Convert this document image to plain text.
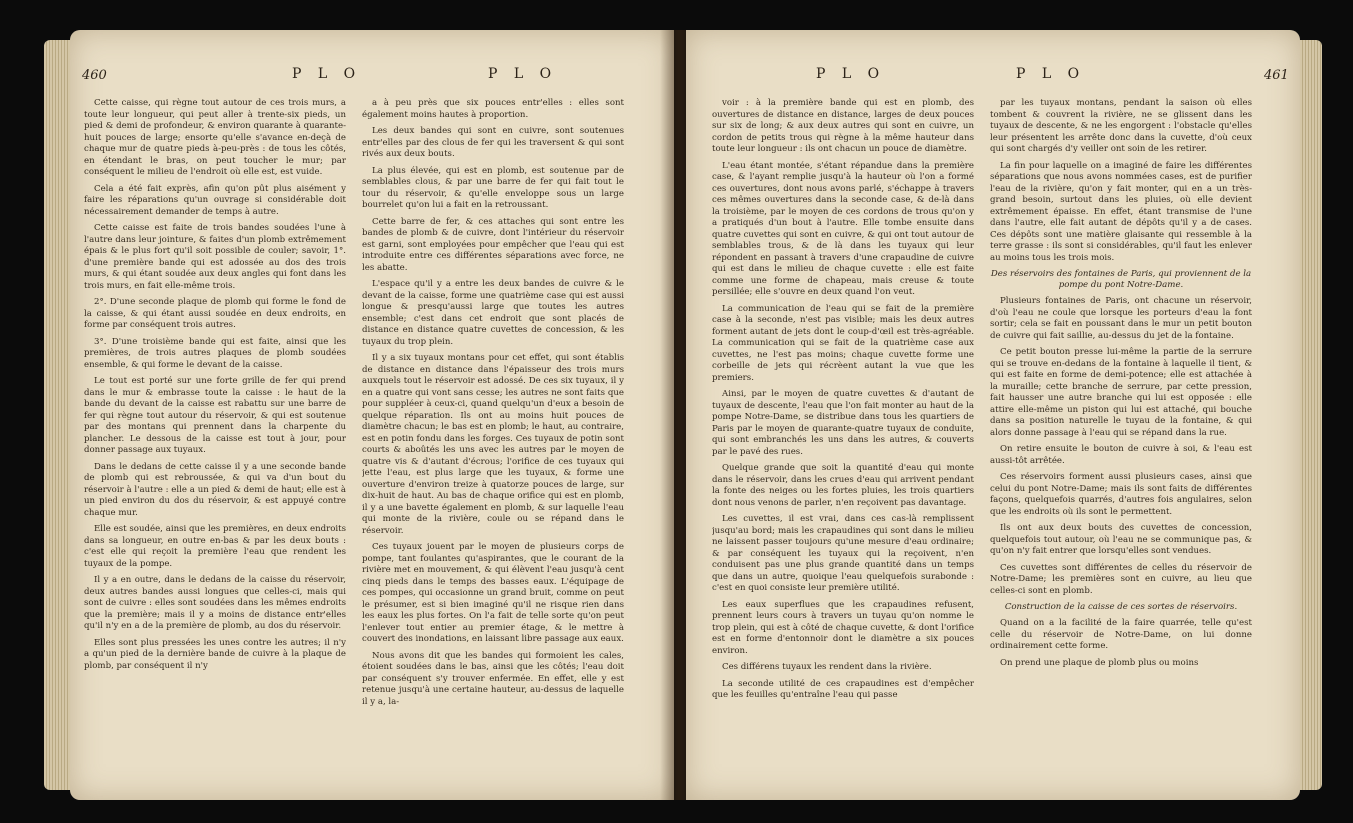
460	P L O	P L O

Cette caisse, qui règne tout autour de ces trois murs, a toute leur longueur, qui peut aller à trente-six pieds, un pied & demi de profondeur, & environ quarante à quarante-huit pouces de large; ensorte qu'elle s'avance en-deçà de chaque mur de quatre pieds à-peu-près : de tous les côtés, en étendant le bras, on peut toucher le mur; par conséquent le milieu de l'endroit où elle est, est vuide.

Cela a été fait exprès, afin qu'on pût plus aisément y faire les réparations qu'un ouvrage si considérable doit nécessairement demander de temps à autre.

Cette caisse est faite de trois bandes soudées l'une à l'autre dans leur jointure, & faites d'un plomb extrêmement épais & le plus fort qu'il soit possible de couler; savoir, 1°. d'une première bande qui est adossée au dos des trois murs, & qui étant soudée aux deux angles qui font dans les trois murs, en fait elle-même trois.

2°. D'une seconde plaque de plomb qui forme le fond de la caisse, & qui étant aussi soudée en deux endroits, en forme par conséquent trois autres.

3°. D'une troisième bande qui est faite, ainsi que les premières, de trois autres plaques de plomb soudées ensemble, & qui forme le devant de la caisse.

Le tout est porté sur une forte grille de fer qui prend dans le mur & embrasse toute la caisse : le haut de la bande du devant de la caisse est rabattu sur une barre de fer qui règne tout autour du réservoir, & qui est soutenue par des montans qui prennent dans la charpente du plancher. Le dessous de la caisse est tout à jour, pour donner passage aux tuyaux.

Dans le dedans de cette caisse il y a une seconde bande de plomb qui est rebroussée, & qui va d'un bout du réservoir à l'autre : elle a un pied & demi de haut; elle est à un pied environ du dos du réservoir, & est appuyé contre chaque mur.

Elle est soudée, ainsi que les premières, en deux endroits dans sa longueur, en outre en-bas & par les deux bouts : c'est elle qui reçoit la première l'eau que rendent les tuyaux de la pompe.

Il y a en outre, dans le dedans de la caisse du réservoir, deux autres bandes aussi longues que celles-ci, mais qui sont de cuivre : elles sont soudées dans les mêmes endroits que la première; mais il y a moins de distance entr'elles qu'il n'y en a de la première de plomb, au dos du réservoir.

Elles sont plus pressées les unes contre les autres; il n'y a qu'un pied de la dernière bande de cuivre à la plaque de plomb, par conséquent il n'y

a à peu près que six pouces entr'elles : elles sont également moins hautes à proportion.

Les deux bandes qui sont en cuivre, sont soutenues entr'elles par des clous de fer qui les traversent & qui sont rivés aux deux bouts.

La plus élevée, qui est en plomb, est soutenue par de semblables clous, & par une barre de fer qui fait tout le tour du réservoir, & qu'elle enveloppe sous un large bourrelet qu'on lui a fait en la retroussant.

Cette barre de fer, & ces attaches qui sont entre les bandes de plomb & de cuivre, dont l'intérieur du réservoir est garni, sont employées pour empêcher que l'eau qui est introduite entre ces différentes séparations avec force, ne les abatte.

L'espace qu'il y a entre les deux bandes de cuivre & le devant de la caisse, forme une quatrième case qui est aussi longue & presqu'aussi large que toutes les autres ensemble; c'est dans cet endroit que sont placés de distance en distance quatre cuvettes de concession, & les tuyaux du trop plein.

Il y a six tuyaux montans pour cet effet, qui sont établis de distance en distance dans l'épaisseur des trois murs auxquels tout le réservoir est adossé. De ces six tuyaux, il y en a quatre qui vont sans cesse; les autres ne sont faits que pour suppléer à ceux-ci, quand quelqu'un d'eux a besoin de quelque réparation. Ils ont au moins huit pouces de diamètre chacun; le bas est en plomb; le haut, au contraire, est en potin fondu dans les forges. Ces tuyaux de potin sont courts & aboûtés les uns avec les autres par le moyen de quatre vis & d'autant d'écrous; l'orifice de ces tuyaux qui jette l'eau, est plus large que les tuyaux, & forme une ouverture d'environ treize à quatorze pouces de large, sur dix-huit de haut. Au bas de chaque orifice qui est en plomb, il y a une bavette également en plomb, & sur laquelle l'eau qui monte de la rivière, coule ou se répand dans le réservoir.

Ces tuyaux jouent par le moyen de plusieurs corps de pompe, tant foulantes qu'aspirantes, que le courant de la rivière met en mouvement, & qui élèvent l'eau jusqu'à cent cinq pieds dans le temps des basses eaux. L'équipage de ces pompes, qui occasionne un grand bruit, comme on peut le présumer, est si bien imaginé qu'il ne risque rien dans les eaux les plus fortes. On l'a fait de telle sorte qu'on peut l'enlever tout entier au premier étage, & le mettre à couvert des inondations, en laissant libre passage aux eaux.

Nous avons dit que les bandes qui formoient les cales, étoient soudées dans le bas, ainsi que les côtés; l'eau doit par conséquent s'y trouver enfermée. En effet, elle y est retenue jusqu'à une certaine hauteur, au-dessus de laquelle il y a, la-

P L O	P L O	461

voir : à la première bande qui est en plomb, des ouvertures de distance en distance, larges de deux pouces sur six de long; & aux deux autres qui sont en cuivre, un cordon de petits trous qui règne à la même hauteur dans toute leur longueur : ils ont chacun un pouce de diamètre.

L'eau étant montée, s'étant répandue dans la première case, & l'ayant remplie jusqu'à la hauteur où l'on a formé ces ouvertures, dont nous avons parlé, s'échappe à travers ces mêmes ouvertures dans la seconde case, & de-là dans la troisième, par le moyen de ces cordons de trous qu'on y a pratiqués d'un bout à l'autre. Elle tombe ensuite dans quatre cuvettes qui sont en cuivre, & qui ont tout autour de semblables trous, & de là dans les tuyaux qui leur répondent en passant à travers d'une crapaudine de cuivre qui est dans le milieu de chaque cuvette : elle est faite comme une forme de chapeau, mais creuse & toute persillée; elle s'ouvre en deux quand l'on veut.

La communication de l'eau qui se fait de la première case à la seconde, n'est pas visible; mais les deux autres forment autant de jets dont le coup-d'œil est très-agréable. La communication qui se fait de la quatrième case aux cuvettes, ne l'est pas moins; chaque cuvette forme une corbeille de jets qui récrèent autant la vue que les premiers.

Ainsi, par le moyen de quatre cuvettes & d'autant de tuyaux de descente, l'eau que l'on fait monter au haut de la pompe Notre-Dame, se distribue dans tous les quartiers de Paris par le moyen de quarante-quatre tuyaux de conduite, qui sont embranchés les uns dans les autres, & couverts par le pavé des rues.

Quelque grande que soit la quantité d'eau qui monte dans le réservoir, dans les crues d'eau qui arrivent pendant la fonte des neiges ou les fortes pluies, les trois quartiers dont nous venons de parler, n'en reçoivent pas davantage.

Les cuvettes, il est vrai, dans ces cas-là remplissent jusqu'au bord; mais les crapaudines qui sont dans le milieu ne laissent passer toujours qu'une mesure d'eau ordinaire; & par conséquent les tuyaux qui la reçoivent, n'en conduisent pas une plus grande quantité dans un temps que dans un autre, quoique l'eau quelquefois surabonde : c'est en quoi consiste leur première utilité.

Les eaux superflues que les crapaudines refusent, prennent leurs cours à travers un tuyau qu'on nomme le trop plein, qui est à côté de chaque cuvette, & dont l'orifice est en forme d'entonnoir dont le diamètre a six pouces environ.

Ces différens tuyaux les rendent dans la rivière.

La seconde utilité de ces crapaudines est d'empêcher que les feuilles qu'entraîne l'eau qui passe

par les tuyaux montans, pendant la saison où elles tombent & couvrent la rivière, ne se glissent dans les tuyaux de descente, & ne les engorgent : l'obstacle qu'elles leur présentent les arrête donc dans la cuvette, d'où ceux qui sont chargés d'y veiller ont soin de les retirer.

La fin pour laquelle on a imaginé de faire les différentes séparations que nous avons nommées cases, est de purifier l'eau de la rivière, qu'on y fait monter, qui en a un très-grand besoin, surtout dans les pluies, où elle devient extrêmement épaisse. En effet, étant transmise de l'une dans l'autre, elle fait autant de dépôts qu'il y a de cases. Ces dépôts sont une matière glaisante qui ressemble à la terre grasse : ils sont si considérables, qu'il faut les enlever au moins tous les trois mois.

Des réservoirs des fontaines de Paris, qui proviennent de la pompe du pont Notre-Dame.

Plusieurs fontaines de Paris, ont chacune un réservoir, d'où l'eau ne coule que lorsque les porteurs d'eau la font sortir; cela se fait en poussant dans le mur un petit bouton de cuivre qui fait saillie, au-dessus du jet de la fontaine.

Ce petit bouton presse lui-même la partie de la serrure qui se trouve en-dedans de la fontaine à laquelle il tient, & qui est faite en forme de demi-potence; elle est attachée à la muraille; cette branche de serrure, par cette pression, fait hausser une autre branche qui lui est opposée : elle attire elle-même un piston qui lui est attaché, qui bouche dans sa position naturelle le tuyau de la fontaine, & qui alors donne passage à l'eau qui se répand dans la rue.

On retire ensuite le bouton de cuivre à soi, & l'eau est aussi-tôt arrêtée.

Ces réservoirs forment aussi plusieurs cases, ainsi que celui du pont Notre-Dame; mais ils sont faits de différentes façons, quelquefois quarrés, d'autres fois angulaires, selon que les endroits où ils sont le permettent.

Ils ont aux deux bouts des cuvettes de concession, quelquefois tout autour, où l'eau ne se communique pas, & qu'on n'y fait entrer que lorsqu'elles sont vendues.

Ces cuvettes sont différentes de celles du réservoir de Notre-Dame; les premières sont en cuivre, au lieu que celles-ci sont en plomb.

Construction de la caisse de ces sortes de réservoirs.

Quand on a la facilité de la faire quarrée, telle qu'est celle du réservoir de Notre-Dame, on lui donne ordinairement cette forme.

On prend une plaque de plomb plus ou moins
